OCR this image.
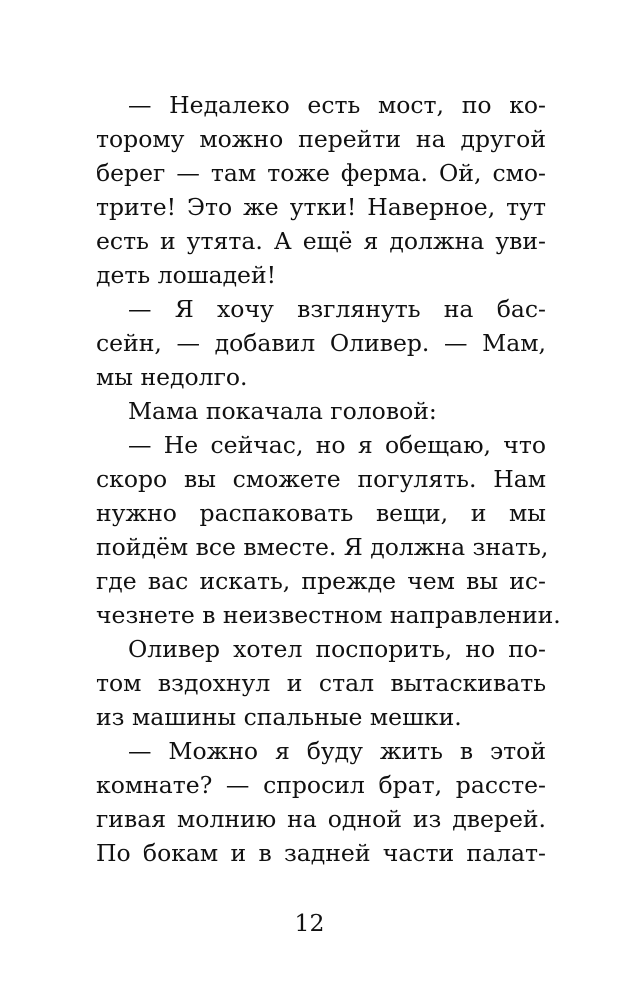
— Недалеко есть мост, по ко-
торому можно перейти на другой
берег — там тоже ферма. Ой, смо-
трите! Это же утки! Наверное, тут
есть и утята. А ещё я должна уви-
деть лошадей!
— Я хочу взглянуть на бас-
сейн, — добавил Оливер. — Мам,
мы недолго.
Мама покачала головой:
— Не сейчас, но я обещаю, что
скоро вы сможете погулять. Нам
нужно распаковать вещи, и мы
пойдём все вместе. Я должна знать,
где вас искать, прежде чем вы ис-
чезнете в неизвестном направлении.
Оливер хотел поспорить, но по-
том вздохнул и стал вытаскивать
из машины спальные мешки.
— Можно я буду жить в этой
комнате? — спросил брат, рассте-
гивая молнию на одной из дверей.
По бокам и в задней части палат-
12
